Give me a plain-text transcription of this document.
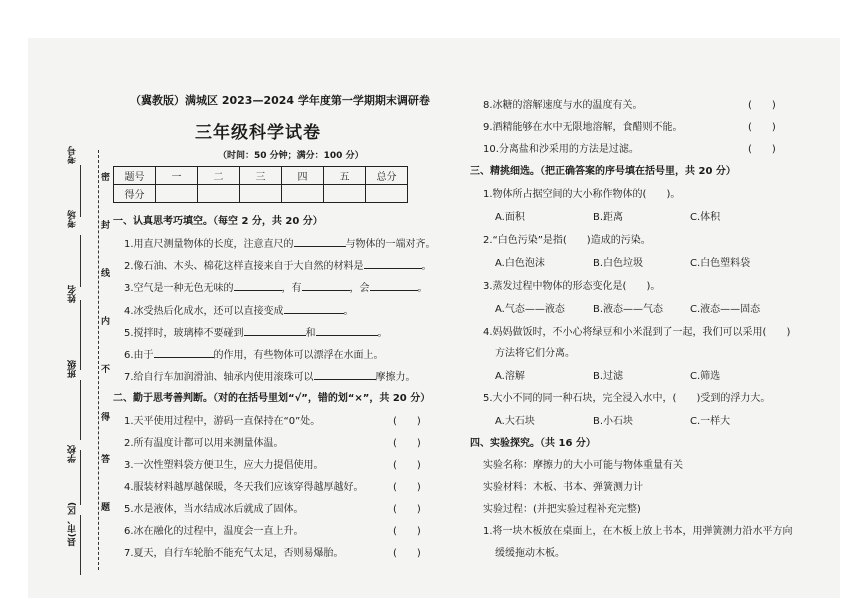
考号
考场
姓名
班级
学校
县(市、区)
密
封
线
内
不
得
答
题
（冀教版）满城区 2023—2024 学年度第一学期期末调研卷
三年级科学试卷
（时间：50 分钟；满分：100 分）
题号	一	二	三	四	五	总分
得分						
一、认真思考巧填空。（每空 2 分，共 20 分）
1.用直尺测量物体的长度，注意直尺的	与物体的一端对齐。
2.像石油、木头、棉花这样直接来自于大自然的材料是	。
3.空气是一种无色无味的	，有	，会	。
4.冰受热后化成水，还可以直接变成	。
5.搅拌时，玻璃棒不要碰到	和	。
6.由于	的作用，有些物体可以漂浮在水面上。
7.给自行车加润滑油、轴承内使用滚珠可以	摩擦力。
二、勤于思考善判断。（对的在括号里划“√”，错的划“×”，共 20 分）
1.天平使用过程中，游码一直保持在“0”处。	(　　)
2.所有温度计都可以用来测量体温。	(　　)
3.一次性塑料袋方便卫生，应大力提倡使用。	(　　)
4.服装材料越厚越保暖，冬天我们应该穿得越厚越好。	(　　)
5.水是液体，当水结成冰后就成了固体。	(　　)
6.冰在融化的过程中，温度会一直上升。	(　　)
7.夏天，自行车轮胎不能充气太足，否则易爆胎。	(　　)
8.冰糖的溶解速度与水的温度有关。	(　　)
9.酒精能够在水中无限地溶解，食醋则不能。	(　　)
10.分离盐和沙采用的方法是过滤。	(　　)
三、精挑细选。（把正确答案的序号填在括号里，共 20 分）
1.物体所占据空间的大小称作物体的(　　)。
A.面积	B.距离	C.体积
2.“白色污染”是指(　　)造成的污染。
A.白色泡沫	B.白色垃圾	C.白色塑料袋
3.蒸发过程中物体的形态变化是(　　)。
A.气态——液态	B.液态——气态	C.液态——固态
4.妈妈做饭时，不小心将绿豆和小米混到了一起，我们可以采用(　　)
方法将它们分离。
A.溶解	B.过滤	C.筛选
5.大小不同的同一种石块，完全浸入水中，(　　)受到的浮力大。
A.大石块	B.小石块	C.一样大
四、实验探究。（共 16 分）
实验名称：摩擦力的大小可能与物体重量有关
实验材料：木板、书本、弹簧测力计
实验过程：(并把实验过程补充完整)
1.将一块木板放在桌面上，在木板上放上书本，用弹簧测力沿水平方向
缓缓拖动木板。
